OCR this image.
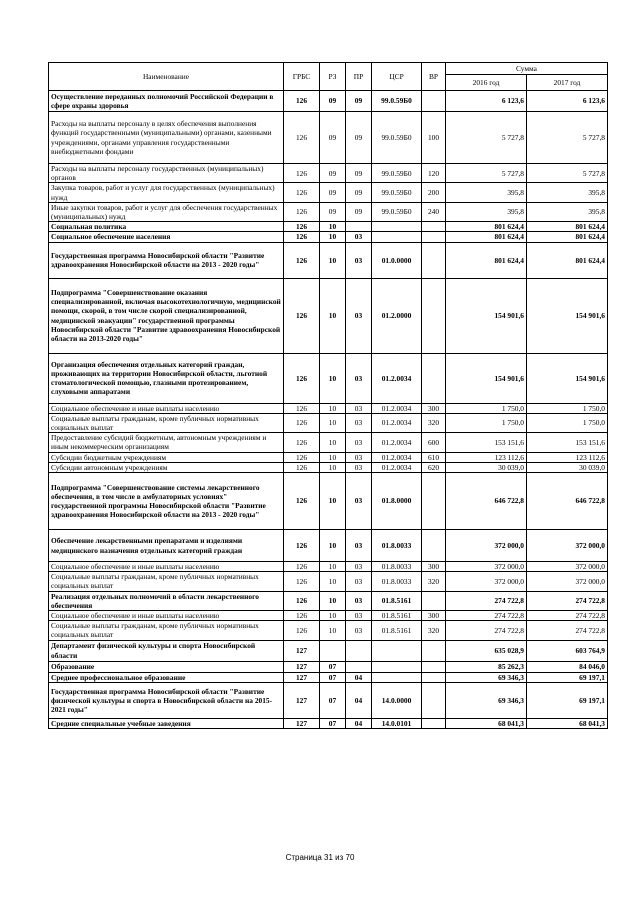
Наименование	ГРБС	РЗ	ПР	ЦСР	ВР	Сумма	
						2016 год	2017 год
Осуществление переданных полномочий Российской Федерации в сфере охраны здоровья	126	09	09	99.0.59Б0		6 123,6	6 123,6
Расходы на выплаты персоналу в целях обеспечения выполнения функций государственными (муниципальными) органами, казенными учреждениями, органами управления государственными внебюджетными фондами	126	09	09	99.0.59Б0	100	5 727,8	5 727,8
Расходы на выплаты персоналу государственных (муниципальных) органов	126	09	09	99.0.59Б0	120	5 727,8	5 727,8
Закупка товаров, работ и услуг для государственных (муниципальных) нужд	126	09	09	99.0.59Б0	200	395,8	395,8
Иные закупки товаров, работ и услуг для обеспечения государственных (муниципальных) нужд	126	09	09	99.0.59Б0	240	395,8	395,8
Социальная политика	126	10				801 624,4	801 624,4
Социальное обеспечение населения	126	10	03			801 624,4	801 624,4
Государственная программа Новосибирской области "Развитие здравоохранения Новосибирской области на 2013 - 2020 годы"	126	10	03	01.0.0000		801 624,4	801 624,4
Подпрограмма "Совершенствование оказания специализированной, включая высокотехнологичную, медицинской помощи, скорой, в том числе скорой специализированной, медицинской эвакуации" государственной программы Новосибирской области "Развитие здравоохранения Новосибирской области на 2013-2020 годы"	126	10	03	01.2.0000		154 901,6	154 901,6
Организация обеспечения отдельных категорий граждан, проживающих на территории Новосибирской области, льготной стоматологической помощью, глазными протезированием, слуховыми аппаратами	126	10	03	01.2.0034		154 901,6	154 901,6
Социальное обеспечение и иные выплаты населению	126	10	03	01.2.0034	300	1 750,0	1 750,0
Социальные выплаты гражданам, кроме публичных нормативных социальных выплат	126	10	03	01.2.0034	320	1 750,0	1 750,0
Предоставление субсидий бюджетным, автономным учреждениям и иным некоммерческим организациям	126	10	03	01.2.0034	600	153 151,6	153 151,6
Субсидии бюджетным учреждениям	126	10	03	01.2.0034	610	123 112,6	123 112,6
Субсидии автономным учреждениям	126	10	03	01.2.0034	620	30 039,0	30 039,0
Подпрограмма "Совершенствование системы лекарственного обеспечения, в том числе в амбулаторных условиях" государственной программы Новосибирской области "Развитие здравоохранения Новосибирской области на 2013 - 2020 годы"	126	10	03	01.8.0000		646 722,8	646 722,8
Обеспечение лекарственными препаратами и изделиями медицинского назначения отдельных категорий граждан	126	10	03	01.8.0033		372 000,0	372 000,0
Социальное обеспечение и иные выплаты населению	126	10	03	01.8.0033	300	372 000,0	372 000,0
Социальные выплаты гражданам, кроме публичных нормативных социальных выплат	126	10	03	01.8.0033	320	372 000,0	372 000,0
Реализация отдельных полномочий в области лекарственного обеспечения	126	10	03	01.8.5161		274 722,8	274 722,8
Социальное обеспечение и иные выплаты населению	126	10	03	01.8.5161	300	274 722,8	274 722,8
Социальные выплаты гражданам, кроме публичных нормативных социальных выплат	126	10	03	01.8.5161	320	274 722,8	274 722,8
Департамент физической культуры и спорта Новосибирской области	127					635 028,9	603 764,9
Образование	127	07				85 262,3	84 046,0
Среднее профессиональное образование	127	07	04			69 346,3	69 197,1
Государственная программа Новосибирской области "Развитие физической культуры и спорта в Новосибирской области на 2015-2021 годы"	127	07	04	14.0.0000		69 346,3	69 197,1
Средние специальные учебные заведения	127	07	04	14.0.0101		68 041,3	68 041,3
Страница 31 из 70
